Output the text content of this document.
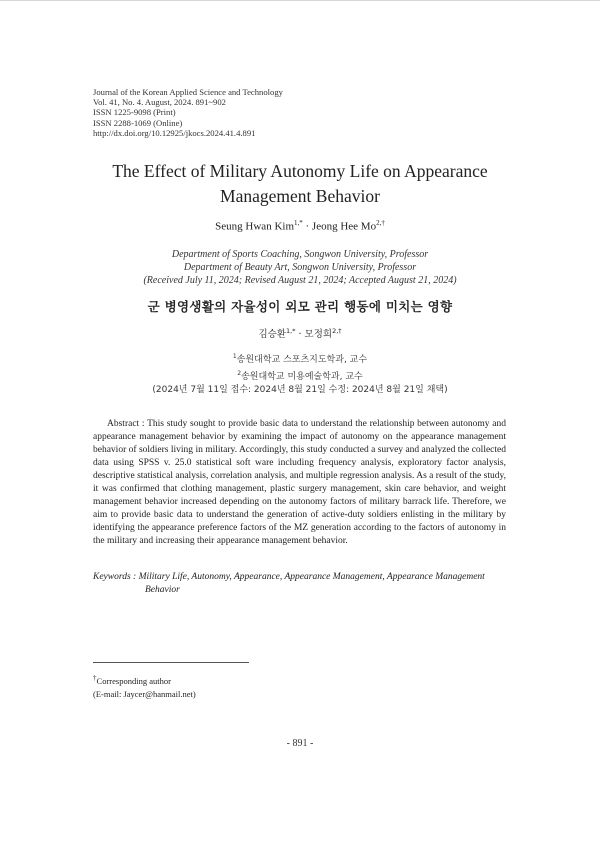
Journal of the Korean Applied Science and Technology
Vol. 41, No. 4. August, 2024. 891~902
ISSN 1225-9098 (Print)
ISSN 2288-1069 (Online)
http://dx.doi.org/10.12925/jkocs.2024.41.4.891
The Effect of Military Autonomy Life on Appearance
Management Behavior
Seung Hwan Kim$^{1,*}$ · Jeong Hee $Mo^{2,\dagger}$
Department of Sports Coaching, Songwon University, Professor
Department of Beauty Art, Songwon University, Professor
(Received July 11, 2024; Revised August 21, 2024; Accepted August 21, 2024)
군 병영생활의 자율성이 외모 관리 행동에 미치는 영향
김승환$^{1,*}$ · 모정희$^{2,\dagger}$
$^1$송원대학교 스포츠지도학과, 교수
$^2$송원대학교 미용예술학과, 교수
(2024년 7월 11일 접수: 2024년 8월 21일 수정: 2024년 8월 21일 채택)
Abstract : This study sought to provide basic data to understand the relationship between autonomy and appearance management behavior by examining the impact of autonomy on the appearance management behavior of soldiers living in military. Accordingly, this study conducted a survey and analyzed the collected data using SPSS v. 25.0 statistical soft ware including frequency analysis, exploratory factor analysis, descriptive statistical analysis, correlation analysis, and multiple regression analysis. As a result of the study, it was confirmed that clothing management, plastic surgery management, skin care behavior, and weight management behavior increased depending on the autonomy factors of military barrack life. Therefore, we aim to provide basic data to understand the generation of active-duty soldiers enlisting in the military by identifying the appearance preference factors of the MZ generation according to the factors of autonomy in the military and increasing their appearance management behavior.
Keywords : Military Life, Autonomy, Appearance, Appearance Management, Appearance Management Behavior
†Corresponding author
(E-mail: Jaycer@hanmail.net)
- 891 -
